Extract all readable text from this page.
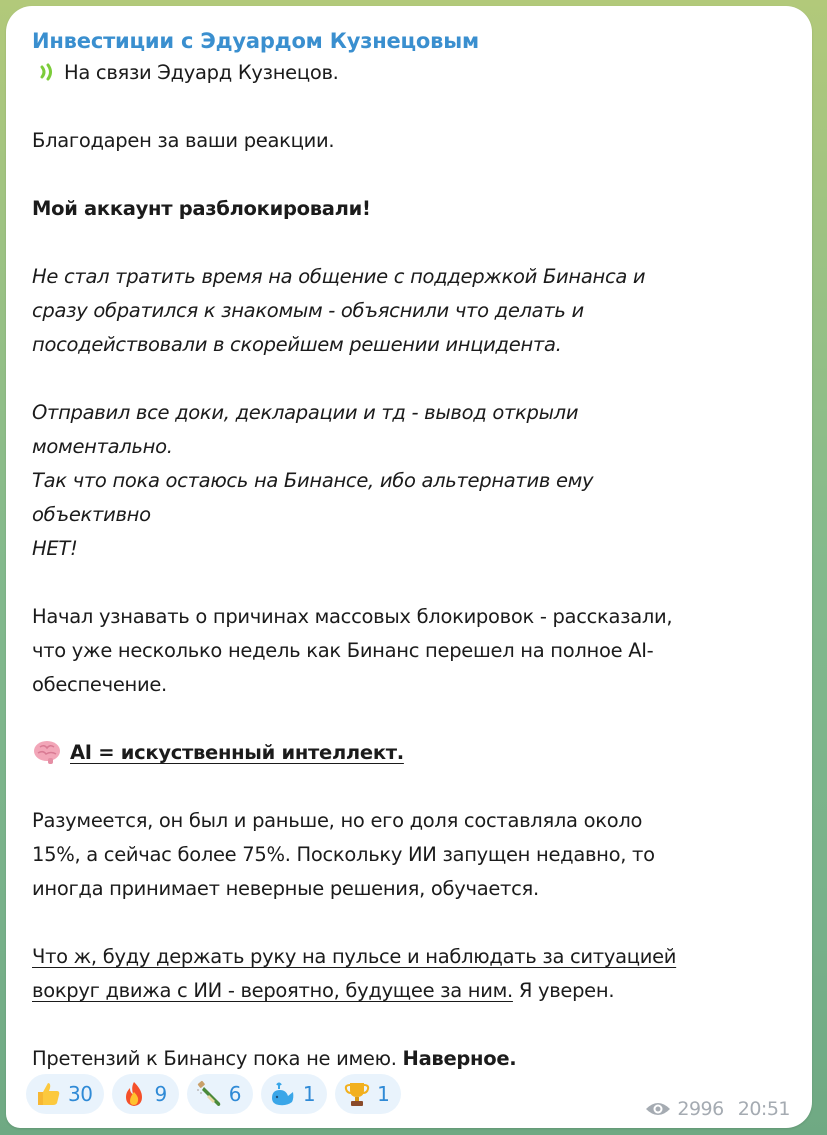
Инвестиции с Эдуардом Кузнецовым

На связи Эдуард Кузнецов.

Благодарен за ваши реакции.

Мой аккаунт разблокировали!

Не стал тратить время на общение с поддержкой Бинанса и

сразу обратился к знакомым - объяснили что делать и

посодействовали в скорейшем решении инцидента.

Отправил все доки, декларации и тд - вывод открыли

моментально.

Так что пока остаюсь на Бинансе, ибо альтернатив ему

объективно

НЕТ!

Начал узнавать о причинах массовых блокировок - рассказали,

что уже несколько недель как Бинанс перешел на полное AI-

обеспечение.

AI = искуственный интеллект.

Разумеется, он был и раньше, но его доля составляла около

15%, а сейчас более 75%. Поскольку ИИ запущен недавно, то

иногда принимает неверные решения, обучается.

Что ж, буду держать руку на пульсе и наблюдать за ситуацией

вокруг движа с ИИ - вероятно, будущее за ним. Я уверен.

Претензий к Бинансу пока не имею. Наверное.

30	9	6	1	1
2996 20:51
